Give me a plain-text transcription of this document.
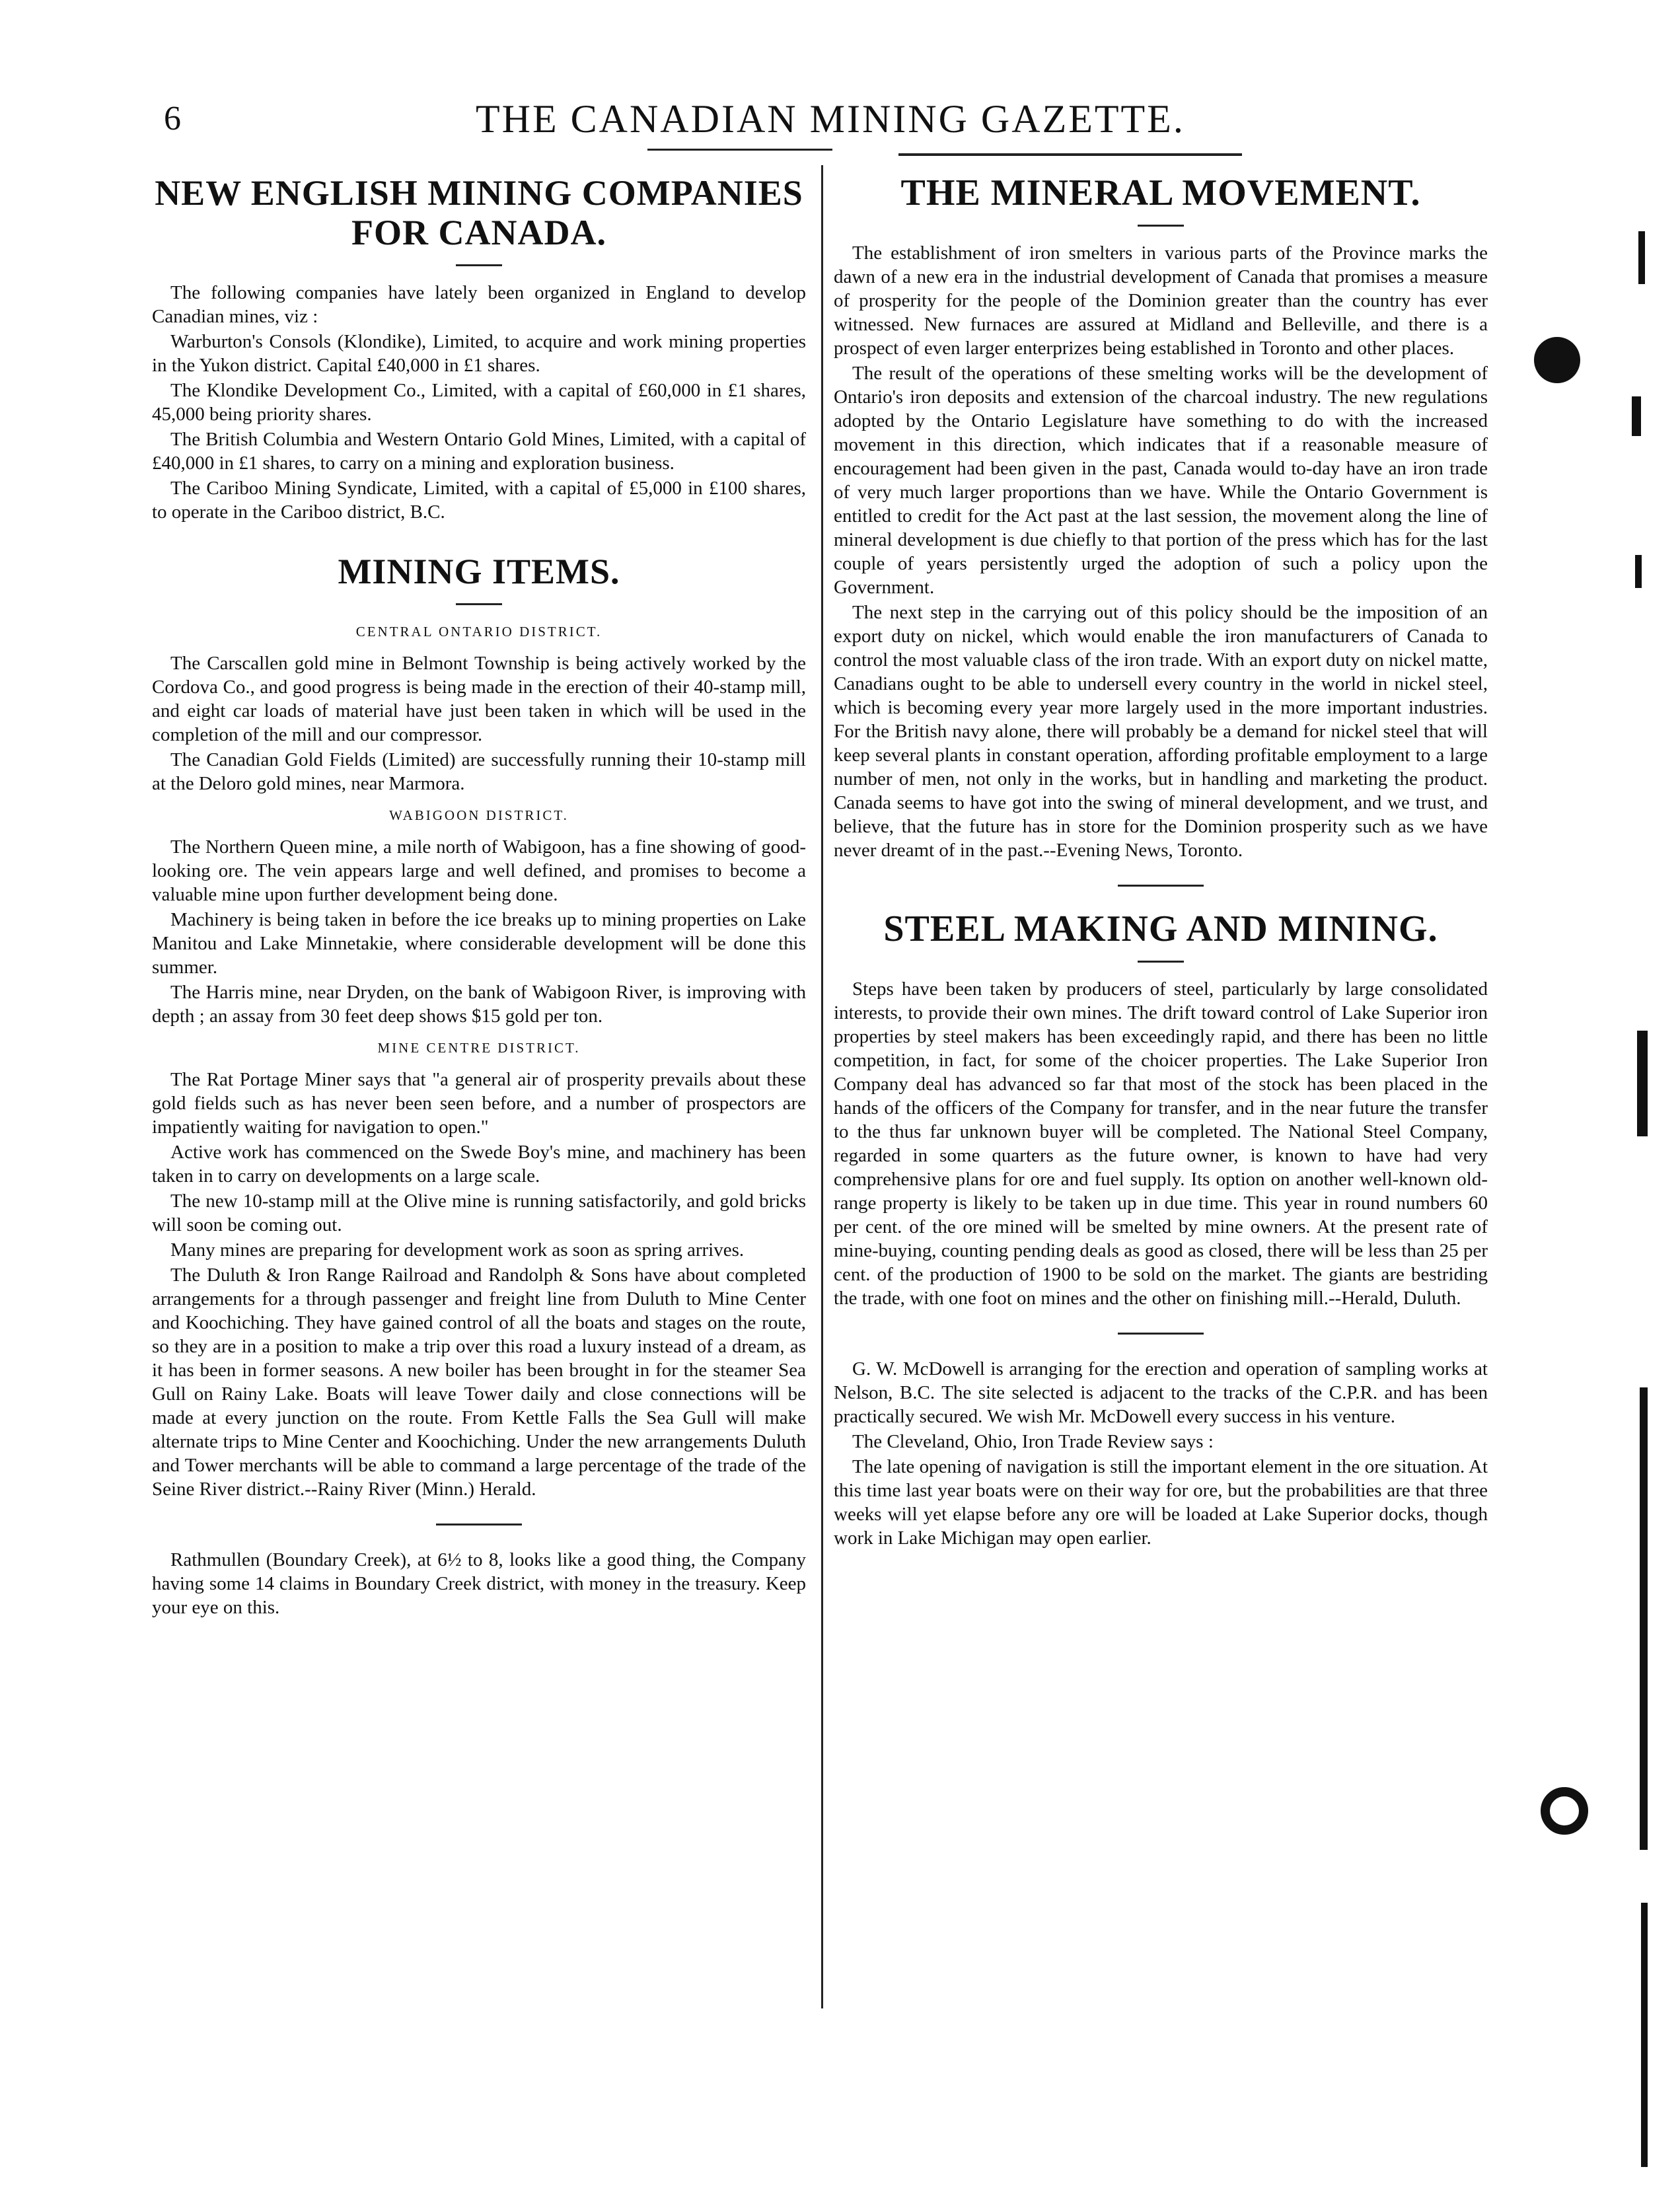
6	THE CANADIAN MINING GAZETTE.
NEW ENGLISH MINING COMPANIES FOR CANADA.

The following companies have lately been organized in England to develop Canadian mines, viz :

Warburton's Consols (Klondike), Limited, to acquire and work mining properties in the Yukon district. Capital £40,000 in £1 shares.

The Klondike Development Co., Limited, with a capital of £60,000 in £1 shares, 45,000 being priority shares.

The British Columbia and Western Ontario Gold Mines, Limited, with a capital of £40,000 in £1 shares, to carry on a mining and exploration business.

The Cariboo Mining Syndicate, Limited, with a capital of £5,000 in £100 shares, to operate in the Cariboo district, B.C.

MINING ITEMS.
CENTRAL ONTARIO DISTRICT.

The Carscallen gold mine in Belmont Township is being actively worked by the Cordova Co., and good progress is being made in the erection of their 40-stamp mill, and eight car loads of material have just been taken in which will be used in the completion of the mill and our compressor.

The Canadian Gold Fields (Limited) are successfully running their 10-stamp mill at the Deloro gold mines, near Marmora.

WABIGOON DISTRICT.

The Northern Queen mine, a mile north of Wabigoon, has a fine showing of good-looking ore. The vein appears large and well defined, and promises to become a valuable mine upon further development being done.

Machinery is being taken in before the ice breaks up to mining properties on Lake Manitou and Lake Minnetakie, where considerable development will be done this summer.

The Harris mine, near Dryden, on the bank of Wabigoon River, is improving with depth ; an assay from 30 feet deep shows $15 gold per ton.

MINE CENTRE DISTRICT.

The Rat Portage Miner says that "a general air of prosperity prevails about these gold fields such as has never been seen before, and a number of prospectors are impatiently waiting for navigation to open."

Active work has commenced on the Swede Boy's mine, and machinery has been taken in to carry on developments on a large scale.

The new 10-stamp mill at the Olive mine is running satisfactorily, and gold bricks will soon be coming out.

Many mines are preparing for development work as soon as spring arrives.

The Duluth & Iron Range Railroad and Randolph & Sons have about completed arrangements for a through passenger and freight line from Duluth to Mine Center and Koochiching. They have gained control of all the boats and stages on the route, so they are in a position to make a trip over this road a luxury instead of a dream, as it has been in former seasons. A new boiler has been brought in for the steamer Sea Gull on Rainy Lake. Boats will leave Tower daily and close connections will be made at every junction on the route. From Kettle Falls the Sea Gull will make alternate trips to Mine Center and Koochiching. Under the new arrangements Duluth and Tower merchants will be able to command a large percentage of the trade of the Seine River district.--Rainy River (Minn.) Herald.

Rathmullen (Boundary Creek), at 6½ to 8, looks like a good thing, the Company having some 14 claims in Boundary Creek district, with money in the treasury. Keep your eye on this.

THE MINERAL MOVEMENT.

The establishment of iron smelters in various parts of the Province marks the dawn of a new era in the industrial development of Canada that promises a measure of prosperity for the people of the Dominion greater than the country has ever witnessed. New furnaces are assured at Midland and Belleville, and there is a prospect of even larger enterprizes being established in Toronto and other places.

The result of the operations of these smelting works will be the development of Ontario's iron deposits and extension of the charcoal industry. The new regulations adopted by the Ontario Legislature have something to do with the increased movement in this direction, which indicates that if a reasonable measure of encouragement had been given in the past, Canada would to-day have an iron trade of very much larger proportions than we have. While the Ontario Government is entitled to credit for the Act past at the last session, the movement along the line of mineral development is due chiefly to that portion of the press which has for the last couple of years persistently urged the adoption of such a policy upon the Government.

The next step in the carrying out of this policy should be the imposition of an export duty on nickel, which would enable the iron manufacturers of Canada to control the most valuable class of the iron trade. With an export duty on nickel matte, Canadians ought to be able to undersell every country in the world in nickel steel, which is becoming every year more largely used in the more important industries. For the British navy alone, there will probably be a demand for nickel steel that will keep several plants in constant operation, affording profitable employment to a large number of men, not only in the works, but in handling and marketing the product. Canada seems to have got into the swing of mineral development, and we trust, and believe, that the future has in store for the Dominion prosperity such as we have never dreamt of in the past.--Evening News, Toronto.

STEEL MAKING AND MINING.

Steps have been taken by producers of steel, particularly by large consolidated interests, to provide their own mines. The drift toward control of Lake Superior iron properties by steel makers has been exceedingly rapid, and there has been no little competition, in fact, for some of the choicer properties. The Lake Superior Iron Company deal has advanced so far that most of the stock has been placed in the hands of the officers of the Company for transfer, and in the near future the transfer to the thus far unknown buyer will be completed. The National Steel Company, regarded in some quarters as the future owner, is known to have had very comprehensive plans for ore and fuel supply. Its option on another well-known old-range property is likely to be taken up in due time. This year in round numbers 60 per cent. of the ore mined will be smelted by mine owners. At the present rate of mine-buying, counting pending deals as good as closed, there will be less than 25 per cent. of the production of 1900 to be sold on the market. The giants are bestriding the trade, with one foot on mines and the other on finishing mill.--Herald, Duluth.

G. W. McDowell is arranging for the erection and operation of sampling works at Nelson, B.C. The site selected is adjacent to the tracks of the C.P.R. and has been practically secured. We wish Mr. McDowell every success in his venture.

The Cleveland, Ohio, Iron Trade Review says :

The late opening of navigation is still the important element in the ore situation. At this time last year boats were on their way for ore, but the probabilities are that three weeks will yet elapse before any ore will be loaded at Lake Superior docks, though work in Lake Michigan may open earlier.
